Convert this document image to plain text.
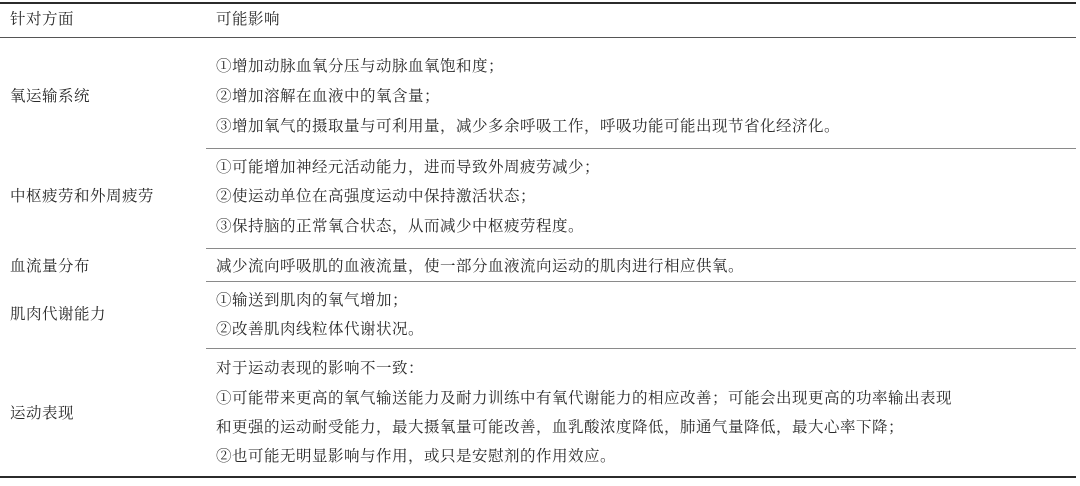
针对方面	可能影响
氧运输系统
①增加动脉血氧分压与动脉血氧饱和度；
②增加溶解在血液中的氧含量；
③增加氧气的摄取量与可利用量，减少多余呼吸工作，呼吸功能可能出现节省化经济化。
中枢疲劳和外周疲劳
①可能增加神经元活动能力，进而导致外周疲劳减少；
②使运动单位在高强度运动中保持激活状态；
③保持脑的正常氧合状态，从而减少中枢疲劳程度。
血流量分布	减少流向呼吸肌的血液流量，使一部分血液流向运动的肌肉进行相应供氧。
肌肉代谢能力
①输送到肌肉的氧气增加；
②改善肌肉线粒体代谢状况。
运动表现
对于运动表现的影响不一致：
①可能带来更高的氧气输送能力及耐力训练中有氧代谢能力的相应改善；可能会出现更高的功率输出表现
和更强的运动耐受能力，最大摄氧量可能改善，血乳酸浓度降低，肺通气量降低，最大心率下降；
②也可能无明显影响与作用，或只是安慰剂的作用效应。
